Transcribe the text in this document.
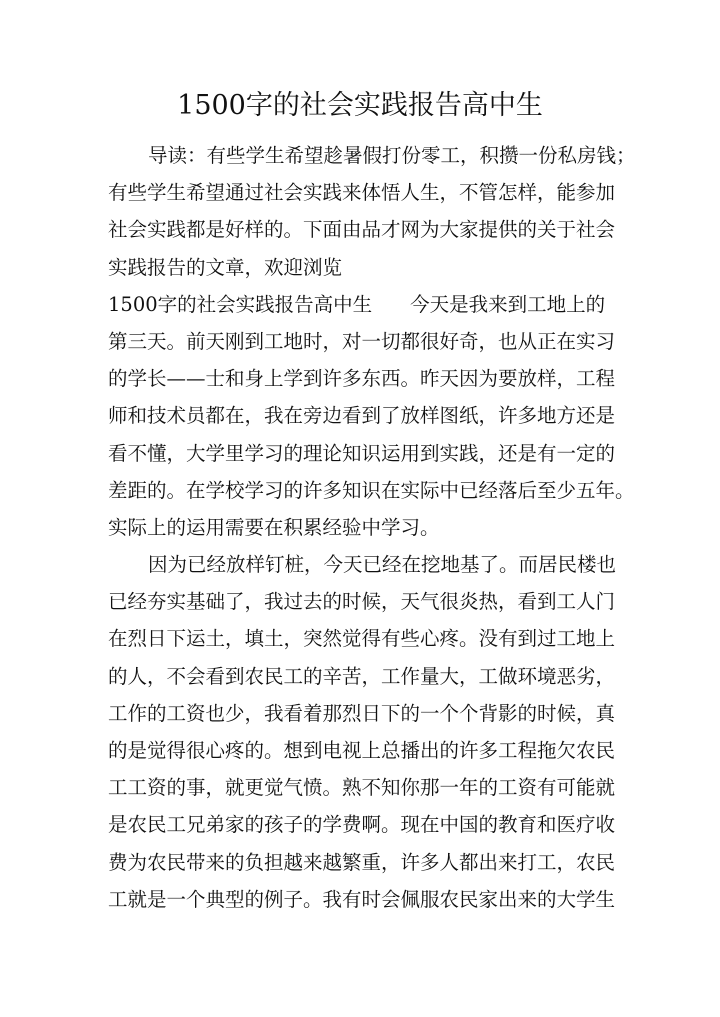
1500字的社会实践报告高中生
导读：有些学生希望趁暑假打份零工，积攒一份私房钱；
有些学生希望通过社会实践来体悟人生，不管怎样，能参加
社会实践都是好样的。下面由品才网为大家提供的关于社会
实践报告的文章，欢迎浏览
1500字的社会实践报告高中生 今天是我来到工地上的
第三天。前天刚到工地时，对一切都很好奇，也从正在实习
的学长——士和身上学到许多东西。昨天因为要放样，工程
师和技术员都在，我在旁边看到了放样图纸，许多地方还是
看不懂，大学里学习的理论知识运用到实践，还是有一定的
差距的。在学校学习的许多知识在实际中已经落后至少五年。
实际上的运用需要在积累经验中学习。
因为已经放样钉桩，今天已经在挖地基了。而居民楼也
已经夯实基础了，我过去的时候，天气很炎热，看到工人门
在烈日下运土，填土，突然觉得有些心疼。没有到过工地上
的人，不会看到农民工的辛苦，工作量大，工做环境恶劣，
工作的工资也少，我看着那烈日下的一个个背影的时候，真
的是觉得很心疼的。想到电视上总播出的许多工程拖欠农民
工工资的事，就更觉气愤。熟不知你那一年的工资有可能就
是农民工兄弟家的孩子的学费啊。现在中国的教育和医疗收
费为农民带来的负担越来越繁重，许多人都出来打工，农民
工就是一个典型的例子。我有时会佩服农民家出来的大学生
